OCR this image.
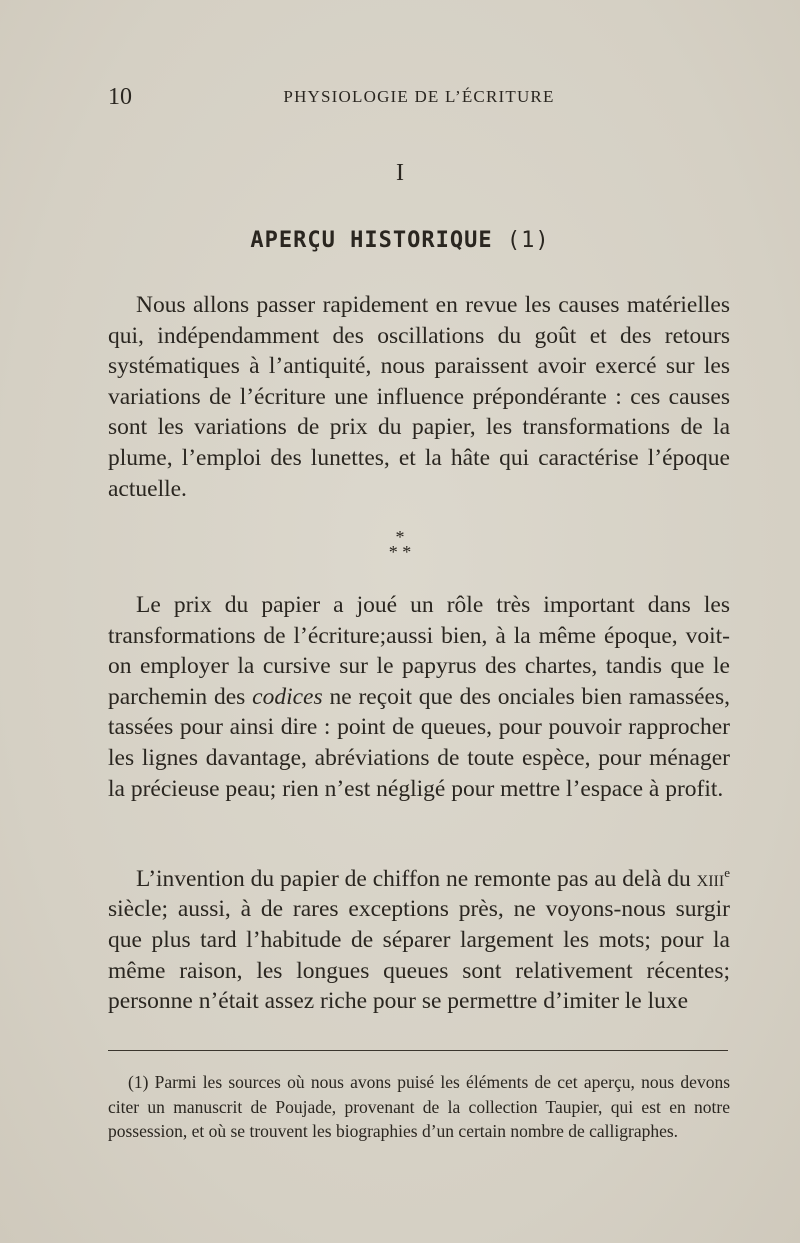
10	PHYSIOLOGIE DE L’ÉCRITURE
I
APERÇU HISTORIQUE (1)

Nous allons passer rapidement en revue les causes matérielles qui, indépendamment des oscillations du goût et des retours systématiques à l’antiquité, nous paraissent avoir exercé sur les variations de l’écriture une influence prépondérante : ces causes sont les variations de prix du papier, les transformations de la plume, l’emploi des lunettes, et la hâte qui caractérise l’époque actuelle.

*
* *

Le prix du papier a joué un rôle très important dans les transformations de l’écriture;aussi bien, à la même époque, voit-on employer la cursive sur le papyrus des chartes, tandis que le parchemin des codices ne reçoit que des onciales bien ramassées, tassées pour ainsi dire : point de queues, pour pouvoir rapprocher les lignes davantage, abréviations de toute espèce, pour ménager la précieuse peau; rien n’est négligé pour mettre l’espace à profit.

L’invention du papier de chiffon ne remonte pas au delà du xiii$^e$ siècle; aussi, à de rares exceptions près, ne voyons-nous surgir que plus tard l’habitude de séparer largement les mots; pour la même raison, les longues queues sont relativement récentes; personne n’était assez riche pour se permettre d’imiter le luxe

(1) Parmi les sources où nous avons puisé les éléments de cet aperçu, nous devons citer un manuscrit de Poujade, provenant de la collection Taupier, qui est en notre possession, et où se trouvent les biographies d’un certain nombre de calligraphes.
